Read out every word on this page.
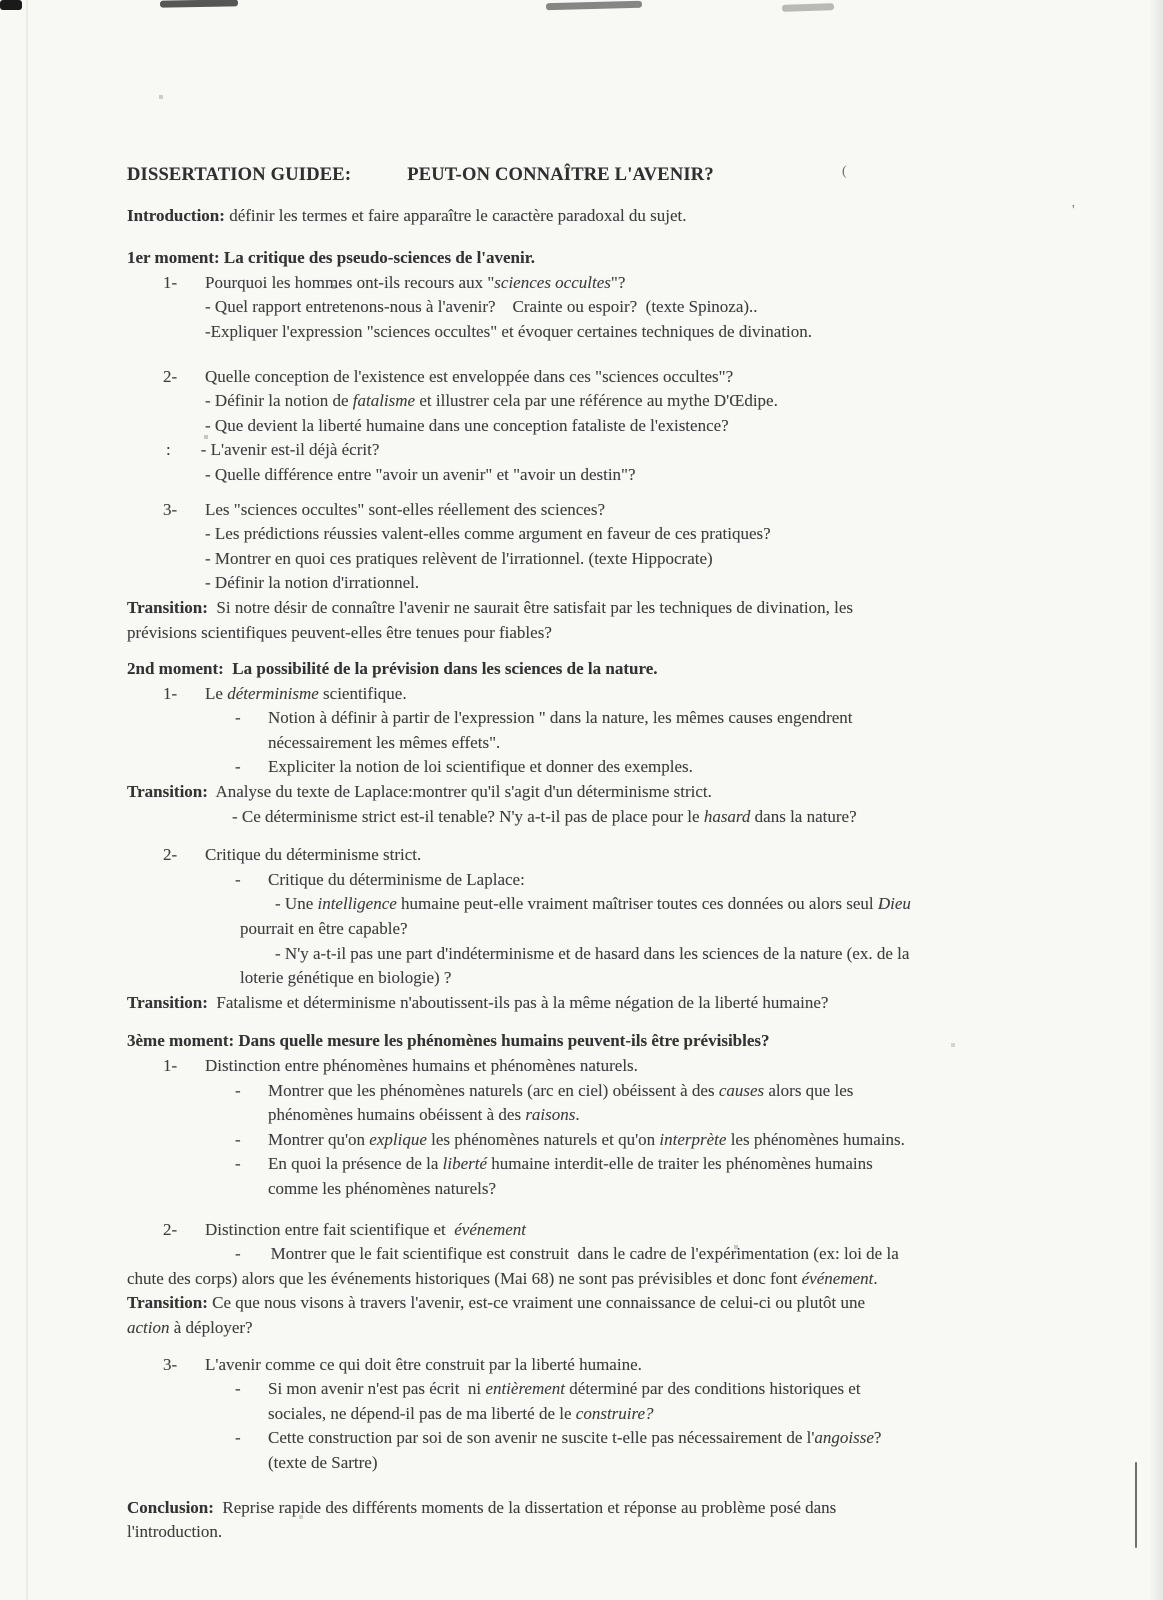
DISSERTATION GUIDEE:	PEUT-ON CONNAÎTRE L'AVENIR?
Introduction: définir les termes et faire apparaître le caractère paradoxal du sujet.
1er moment: La critique des pseudo-sciences de l'avenir.
1- Pourquoi les hommes ont-ils recours aux "sciences occultes"?
- Quel rapport entretenons-nous à l'avenir?    Crainte ou espoir?  (texte Spinoza)..
-Expliquer l'expression "sciences occultes" et évoquer certaines techniques de divination.
2- Quelle conception de l'existence est enveloppée dans ces "sciences occultes"?
- Définir la notion de fatalisme et illustrer cela par une référence au mythe D'Œdipe.
- Que devient la liberté humaine dans une conception fataliste de l'existence?
: - L'avenir est-il déjà écrit?
- Quelle différence entre "avoir un avenir" et "avoir un destin"?
3- Les "sciences occultes" sont-elles réellement des sciences?
- Les prédictions réussies valent-elles comme argument en faveur de ces pratiques?
- Montrer en quoi ces pratiques relèvent de l'irrationnel. (texte Hippocrate)
- Définir la notion d'irrationnel.
Transition:  Si notre désir de connaître l'avenir ne saurait être satisfait par les techniques de divination, les
prévisions scientifiques peuvent-elles être tenues pour fiables?
2nd moment:  La possibilité de la prévision dans les sciences de la nature.
1- Le déterminisme scientifique.
- Notion à définir à partir de l'expression " dans la nature, les mêmes causes engendrent
nécessairement les mêmes effets".
- Expliciter la notion de loi scientifique et donner des exemples.
Transition:  Analyse du texte de Laplace:montrer qu'il s'agit d'un déterminisme strict.
- Ce déterminisme strict est-il tenable? N'y a-t-il pas de place pour le hasard dans la nature?
2- Critique du déterminisme strict.
- Critique du déterminisme de Laplace:
- Une intelligence humaine peut-elle vraiment maîtriser toutes ces données ou alors seul Dieu
pourrait en être capable?
- N'y a-t-il pas une part d'indéterminisme et de hasard dans les sciences de la nature (ex. de la
loterie génétique en biologie) ?
Transition:  Fatalisme et déterminisme n'aboutissent-ils pas à la même négation de la liberté humaine?
3ème moment: Dans quelle mesure les phénomènes humains peuvent-ils être prévisibles?
1- Distinction entre phénomènes humains et phénomènes naturels.
- Montrer que les phénomènes naturels (arc en ciel) obéissent à des causes alors que les
phénomènes humains obéissent à des raisons.
- Montrer qu'on explique les phénomènes naturels et qu'on interprète les phénomènes humains.
- En quoi la présence de la liberté humaine interdit-elle de traiter les phénomènes humains
comme les phénomènes naturels?
2- Distinction entre fait scientifique et  événement
- Montrer que le fait scientifique est construit  dans le cadre de l'expérimentation (ex: loi de la
chute des corps) alors que les événements historiques (Mai 68) ne sont pas prévisibles et donc font événement.
Transition: Ce que nous visons à travers l'avenir, est-ce vraiment une connaissance de celui-ci ou plutôt une
action à déployer?
3- L'avenir comme ce qui doit être construit par la liberté humaine.
- Si mon avenir n'est pas écrit  ni entièrement déterminé par des conditions historiques et
sociales, ne dépend-il pas de ma liberté de le construire?
- Cette construction par soi de son avenir ne suscite t-elle pas nécessairement de l'angoisse?
(texte de Sartre)
Conclusion:  Reprise rapide des différents moments de la dissertation et réponse au problème posé dans
l'introduction.
(
'
